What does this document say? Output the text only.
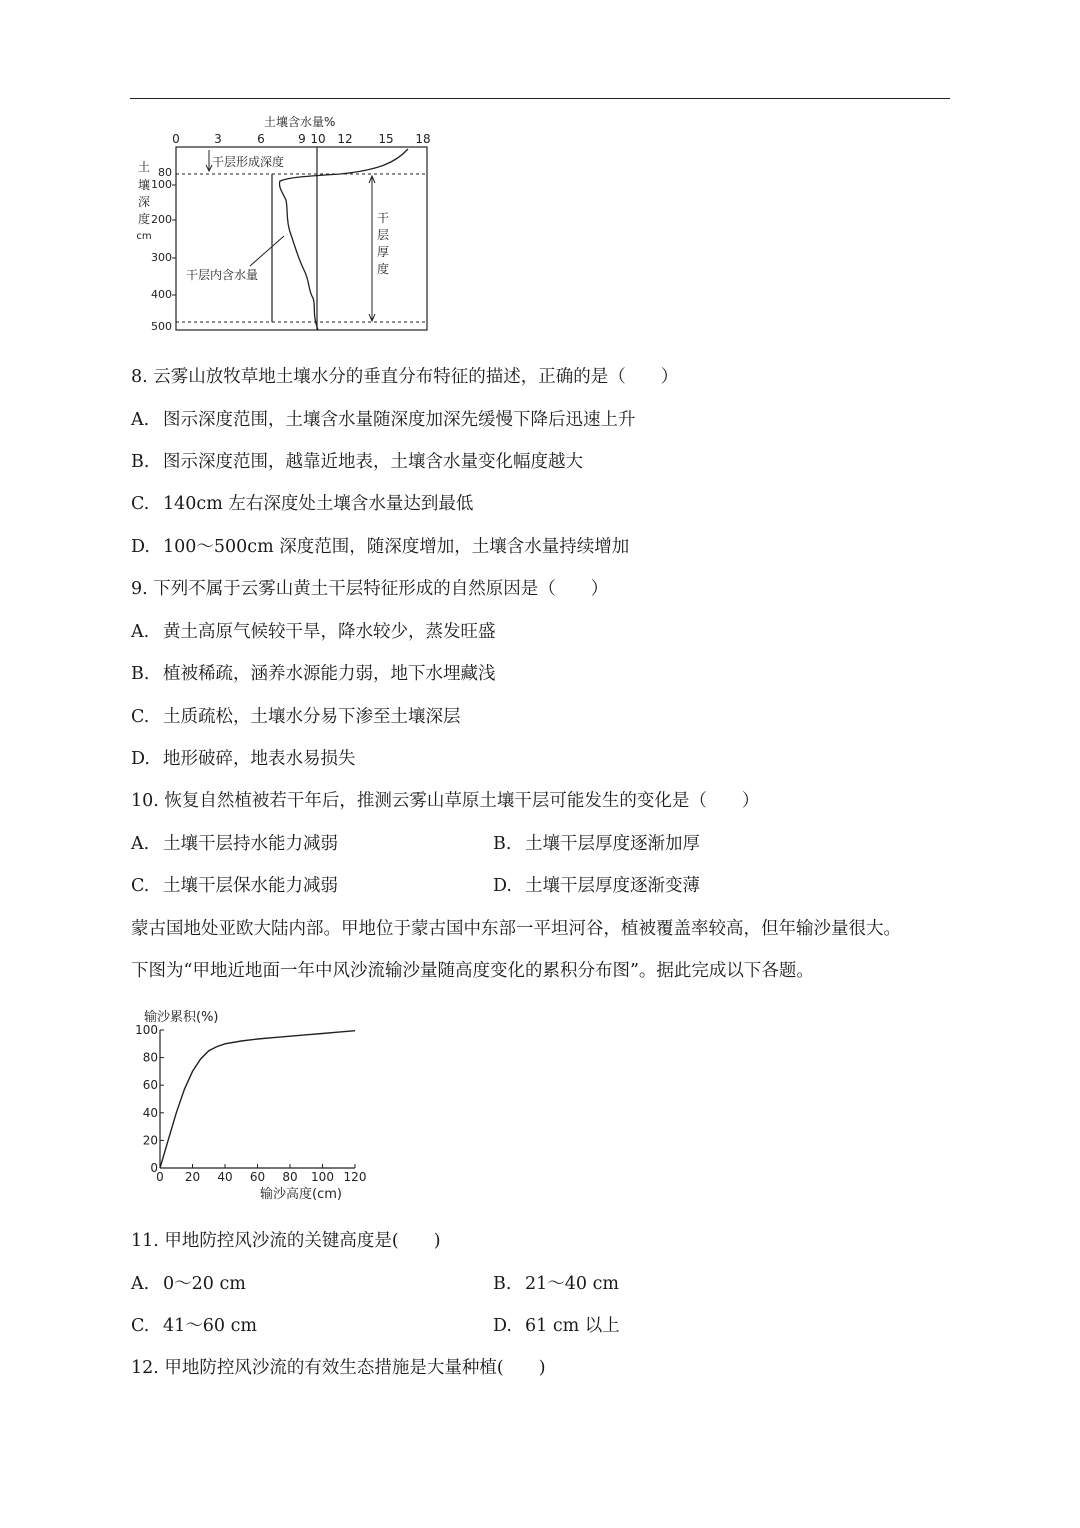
土壤含水量%
0	3	6	9 10 12 15 18
土
壤
深
度
cm
80
100
200
300
400
500
干层形成深度
干
层
厚
度
干层内含水量
8. 云雾山放牧草地土壤水分的垂直分布特征的描述，正确的是（　　）
A. 图示深度范围，土壤含水量随深度加深先缓慢下降后迅速上升
B. 图示深度范围，越靠近地表，土壤含水量变化幅度越大
C. 140cm 左右深度处土壤含水量达到最低
D. 100～500cm 深度范围，随深度增加，土壤含水量持续增加
9. 下列不属于云雾山黄土干层特征形成的自然原因是（　　）
A. 黄土高原气候较干旱，降水较少，蒸发旺盛
B. 植被稀疏，涵养水源能力弱，地下水埋藏浅
C. 土质疏松，土壤水分易下渗至土壤深层
D. 地形破碎，地表水易损失
10. 恢复自然植被若干年后，推测云雾山草原土壤干层可能发生的变化是（　　）
A. 土壤干层持水能力减弱	B. 土壤干层厚度逐渐加厚
C. 土壤干层保水能力减弱	D. 土壤干层厚度逐渐变薄
蒙古国地处亚欧大陆内部。甲地位于蒙古国中东部一平坦河谷，植被覆盖率较高，但年输沙量很大。
下图为“甲地近地面一年中风沙流输沙量随高度变化的累积分布图”。据此完成以下各题。
输沙累积(%)
输沙高度(cm)
0
20
40
60
80
100
0 20 40 60 80 100 120
11. 甲地防控风沙流的关键高度是(　　)
A. 0～20 cm	B. 21～40 cm
C. 41～60 cm	D. 61 cm 以上
12. 甲地防控风沙流的有效生态措施是大量种植(　　)
